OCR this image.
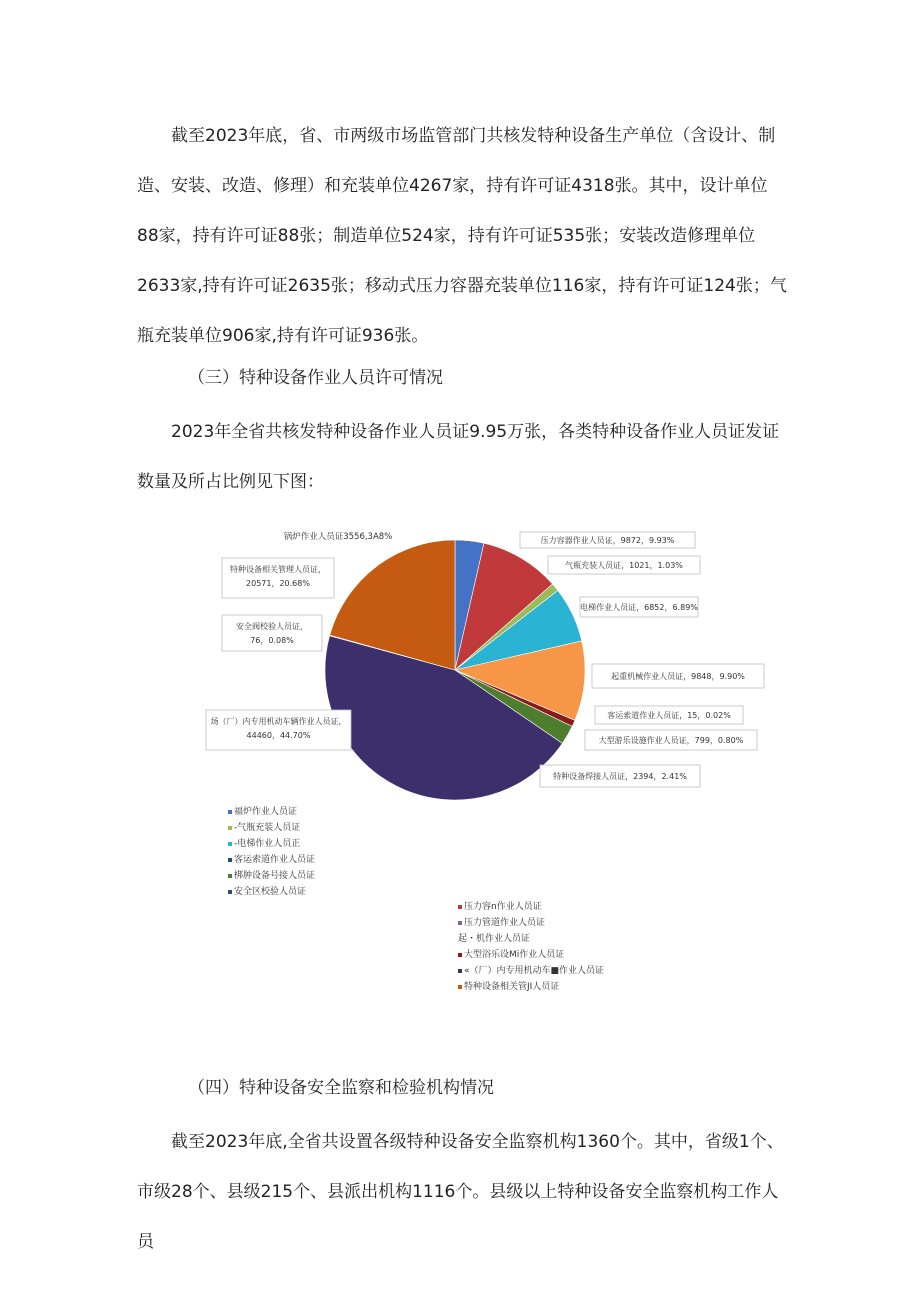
截至2023年底，省、市两级市场监管部门共核发特种设备生产单位（含设计、制造、安装、改造、修理）和充装单位4267家，持有许可证4318张。其中，设计单位88家，持有许可证88张；制造单位524家，持有许可证535张；安装改造修理单位2633家,持有许可证2635张；移动式压力容器充装单位116家，持有许可证124张；气瓶充装单位906家,持有许可证936张。
（三）特种设备作业人员许可情况
2023年全省共核发特种设备作业人员证9.95万张，各类特种设备作业人员证发证数量及所占比例见下图：
锅炉作业人员证3556,3A8%	压力容器作业人员证，9872，9.93%
气瓶充装人员证，1021，1.03%
电梯作业人员证，6852，6.89%
起重机械作业人员证，9848，9.90%
客运索道作业人员证，15，0.02%
大型游乐设施作业人员证，799，0.80%
特种设备焊接人员证，2394，2.41%
场（厂）内专用机动车辆作业人员证， 44460，44.70%
安全阀校验人员证， 76，0.08%
特种设备相关管理人员证， 20571，20.68%
福炉作业人员证
-气瓶充装人员证
-电梯作业人员正
客运索道作业人员证
梆肿设备号接人员证
安全区校验人员证
压力容n作业人员证
压力管道作业人员证
起・机作业人员证
大型浴乐设Mi作业人员证
«（厂）内专用机动车■作业人员证
特种设备相关管JI人员证
（四）特种设备安全监察和检验机构情况
截至2023年底,全省共设置各级特种设备安全监察机构1360个。其中，省级1个、市级28个、县级215个、县派出机构1116个。县级以上特种设备安全监察机构工作人员
